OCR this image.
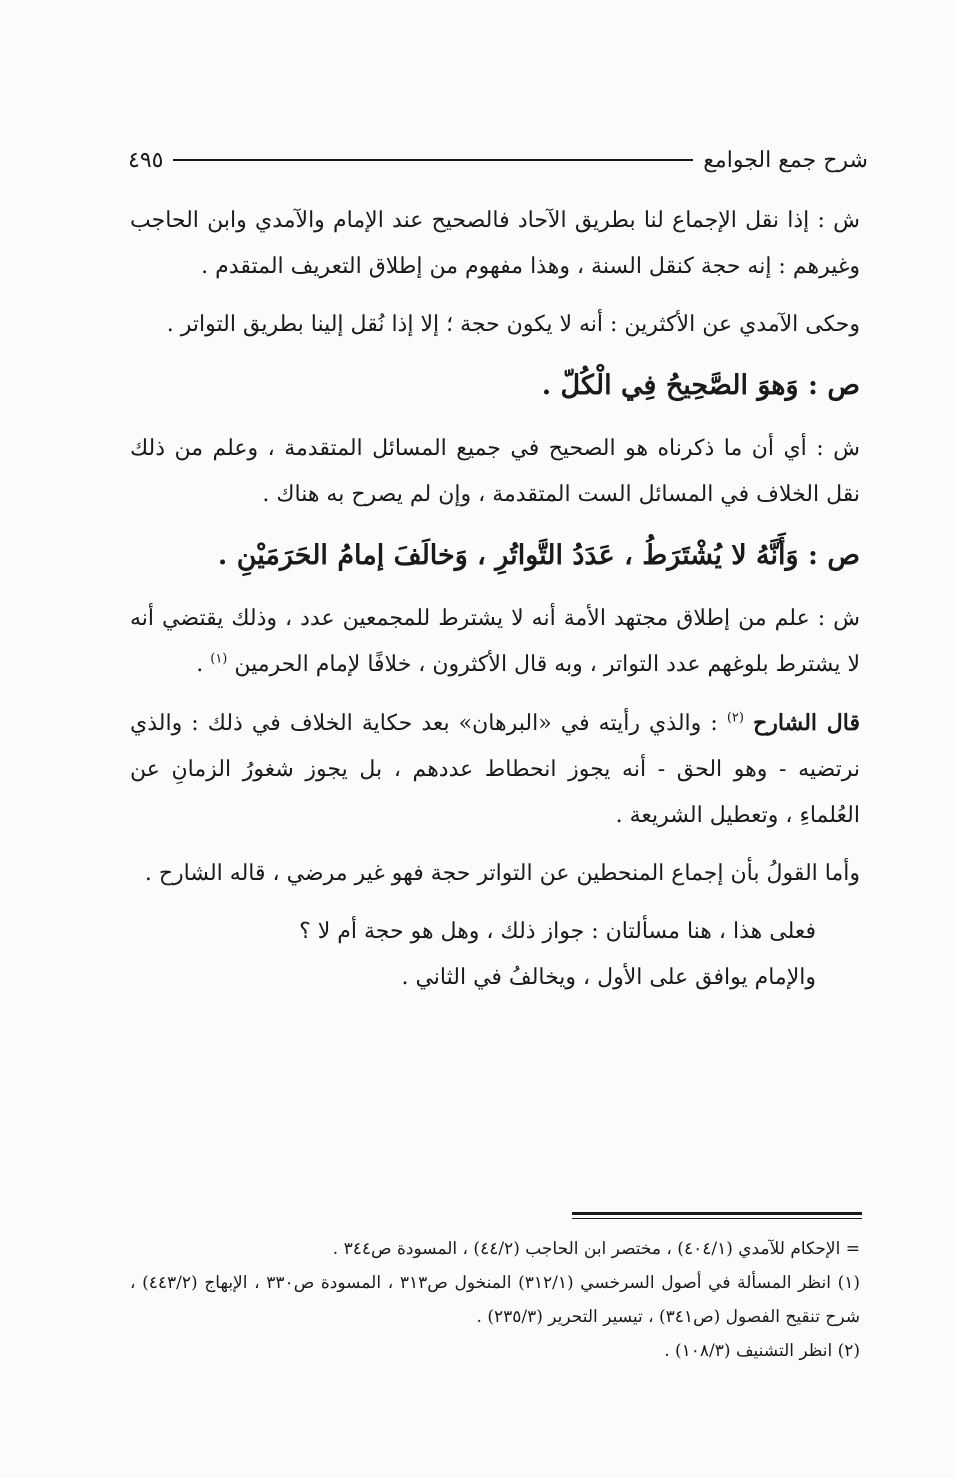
شرح جمع الجوامع
٤٩٥

ش : إذا نقل الإجماع لنا بطريق الآحاد فالصحيح عند الإمام والآمدي وابن الحاجب وغيرهم : إنه حجة كنقل السنة ، وهذا مفهوم من إطلاق التعريف المتقدم .

وحكى الآمدي عن الأكثرين : أنه لا يكون حجة ؛ إلا إذا نُقل إلينا بطريق التواتر .

ص : وَهوَ الصَّحِيحُ فِي الْكُلّ .

ش : أي أن ما ذكرناه هو الصحيح في جميع المسائل المتقدمة ، وعلم من ذلك نقل الخلاف في المسائل الست المتقدمة ، وإن لم يصرح به هناك .

ص : وَأَنَّهُ لا يُشْتَرَطُ ، عَدَدُ التَّواتُرِ ، وَخالَفَ إمامُ الحَرَمَيْنِ .

ش : علم من إطلاق مجتهد الأمة أنه لا يشترط للمجمعين عدد ، وذلك يقتضي أنه لا يشترط بلوغهم عدد التواتر ، وبه قال الأكثرون ، خلافًا لإمام الحرمين $^{(١)}$ .

قال الشارح $^{(٢)}$ : والذي رأيته في «البرهان» بعد حكاية الخلاف في ذلك : والذي نرتضيه - وهو الحق - أنه يجوز انحطاط عددهم ، بل يجوز شغورُ الزمانِ عن العُلماءِ ، وتعطيل الشريعة .

وأما القولُ بأن إجماع المنحطين عن التواتر حجة فهو غير مرضي ، قاله الشارح .

فعلى هذا ، هنا مسألتان : جواز ذلك ، وهل هو حجة أم لا ؟

والإمام يوافق على الأول ، ويخالفُ في الثاني .

= الإحكام للآمدي (٤٠٤/١) ، مختصر ابن الحاجب (٤٤/٢) ، المسودة ص٣٤٤ .

(١) انظر المسألة في أصول السرخسي (٣١٢/١) المنخول ص٣١٣ ، المسودة ص٣٣٠ ، الإبهاج (٤٤٣/٢) ، شرح تنقيح الفصول (ص٣٤١) ، تيسير التحرير (٢٣٥/٣) .

(٢) انظر التشنيف (١٠٨/٣) .
